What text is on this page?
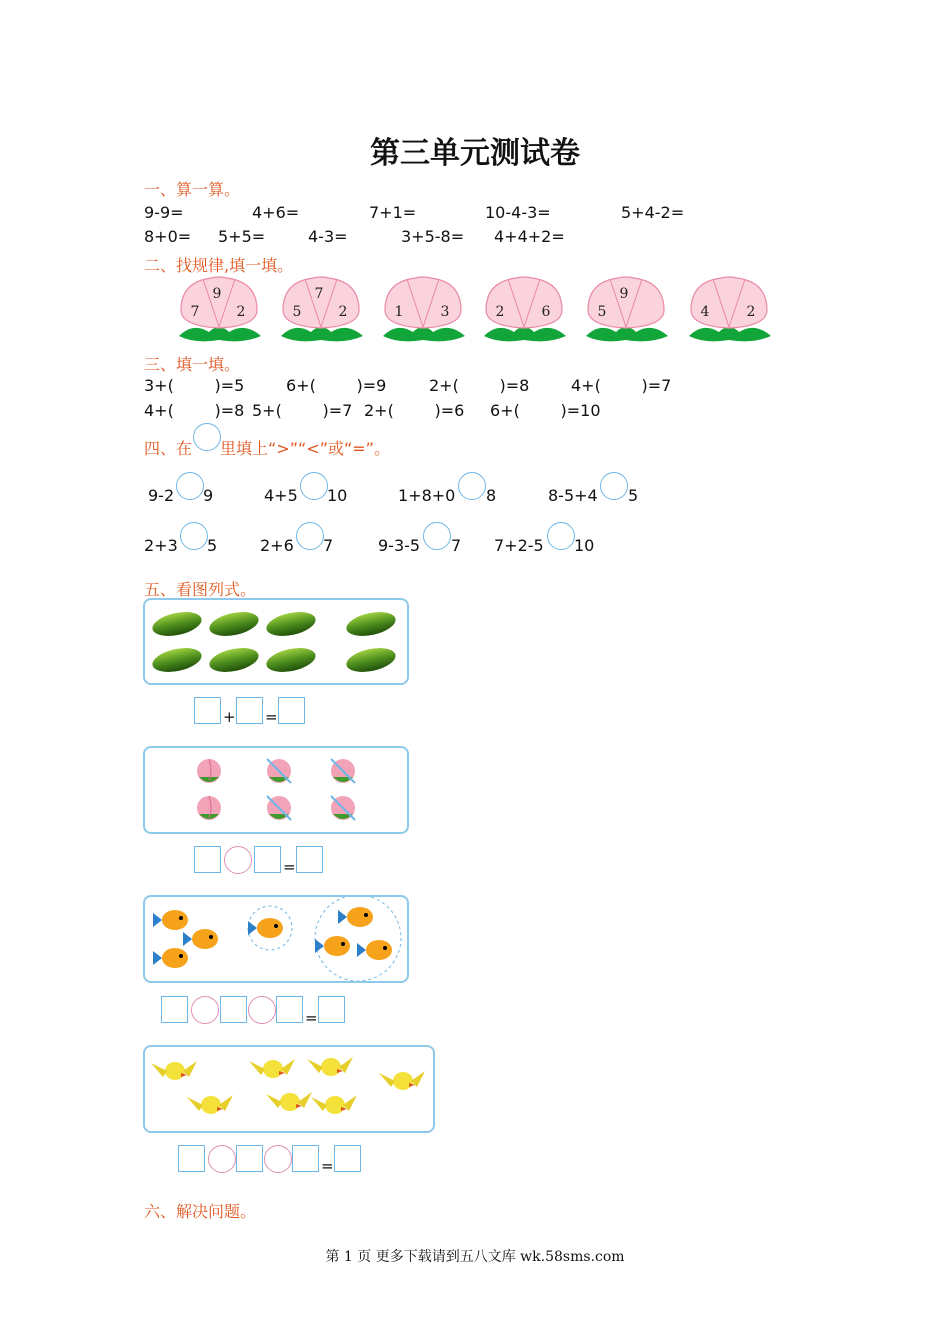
第三单元测试卷
一、算一算。
9-9=	4+6=	7+1=	10-4-3=	5+4-2=
8+0= 5+5=	4-3=	3+5-8= 4+4+2=
二、找规律,填一填。
9
7	2
7
5	2	1	3	2	6
9
5	4	2
三、填一填。
3+(        )=5	6+(        )=9	2+(        )=8	4+(        )=7
4+(        )=8 5+(        )=7 2+(        )=6 6+(        )=10
四、在 里填上“>”“<”或“=”。
9-2 9	4+5 10	1+8+0 8	8-5+4 5
2+3 5	2+6 7	9-3-5 7 7+2-5 10
五、看图列式。
+ =
=
=
=
六、解决问题。
第 1 页 更多下载请到五八文库 wk.58sms.com
